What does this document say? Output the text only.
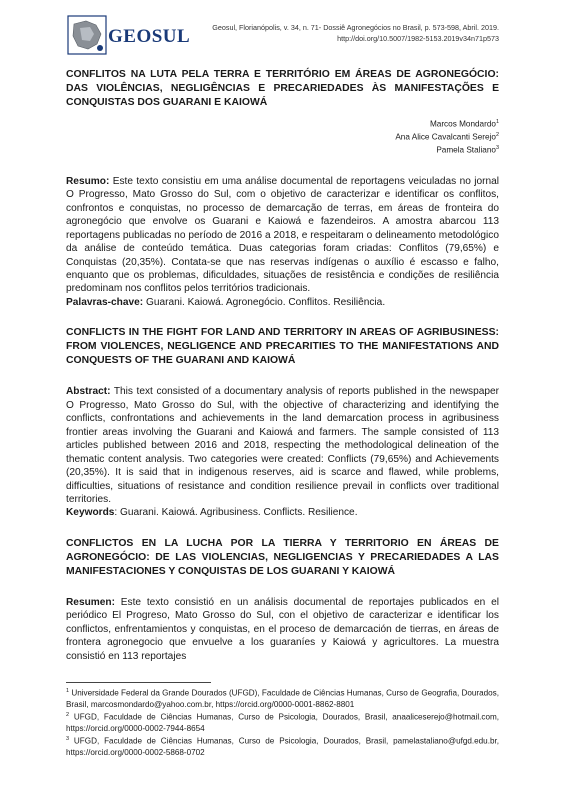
GEOSUL	Geosul, Florianópolis, v. 34, n. 71- Dossiê Agronegócios no Brasil, p. 573-598, Abril. 2019.
http://doi.org/10.5007/1982-5153.2019v34n71p573

CONFLITOS NA LUTA PELA TERRA E TERRITÓRIO EM ÁREAS DE AGRONEGÓCIO: DAS VIOLÊNCIAS, NEGLIGÊNCIAS E PRECARIEDADES ÀS MANIFESTAÇÕES E CONQUISTAS DOS GUARANI E KAIOWÁ

Marcos Mondardo$^1$
Ana Alice Cavalcanti Serejo$^2$
Pamela Staliano$^3$

Resumo: Este texto consistiu em uma análise documental de reportagens veiculadas no jornal O Progresso, Mato Grosso do Sul, com o objetivo de caracterizar e identificar os conflitos, confrontos e conquistas, no processo de demarcação de terras, em áreas de fronteira do agronegócio que envolve os Guarani e Kaiowá e fazendeiros. A amostra abarcou 113 reportagens publicadas no período de 2016 a 2018, e respeitaram o delineamento metodológico da análise de conteúdo temática. Duas categorias foram criadas: Conflitos (79,65%) e Conquistas (20,35%). Contata-se que nas reservas indígenas o auxílio é escasso e falho, enquanto que os problemas, dificuldades, situações de resistência e condições de resiliência predominam nos conflitos pelos territórios tradicionais.

Palavras-chave: Guarani. Kaiowá. Agronegócio. Conflitos. Resiliência.

CONFLICTS IN THE FIGHT FOR LAND AND TERRITORY IN AREAS OF AGRIBUSINESS: FROM VIOLENCES, NEGLIGENCE AND PRECARITIES TO THE MANIFESTATIONS AND CONQUESTS OF THE GUARANI AND KAIOWÁ

Abstract: This text consisted of a documentary analysis of reports published in the newspaper O Progresso, Mato Grosso do Sul, with the objective of characterizing and identifying the conflicts, confrontations and achievements in the land demarcation process in agribusiness frontier areas involving the Guarani and Kaiowá and farmers. The sample consisted of 113 articles published between 2016 and 2018, respecting the methodological delineation of the thematic content analysis. Two categories were created: Conflicts (79,65%) and Achievements (20,35%). It is said that in indigenous reserves, aid is scarce and flawed, while problems, difficulties, situations of resistance and condition resilience prevail in conflicts over traditional territories.

Keywords: Guarani. Kaiowá. Agribusiness. Conflicts. Resilience.

CONFLICTOS EN LA LUCHA POR LA TIERRA Y TERRITORIO EN ÁREAS DE AGRONEGÓCIO: DE LAS VIOLENCIAS, NEGLIGENCIAS Y PRECARIEDADES A LAS MANIFESTACIONES Y CONQUISTAS DE LOS GUARANI Y KAIOWÁ

Resumen: Este texto consistió en un análisis documental de reportajes publicados en el periódico El Progreso, Mato Grosso do Sul, con el objetivo de caracterizar e identificar los conflictos, enfrentamientos y conquistas, en el proceso de demarcación de tierras, en áreas de frontera agronegocio que envuelve a los guaraníes y Kaiowá y agricultores. La muestra consistió en 113 reportajes

$^1$ Universidade Federal da Grande Dourados (UFGD), Faculdade de Ciências Humanas, Curso de Geografia, Dourados, Brasil, marcosmondardo@yahoo.com.br, https://orcid.org/0000-0001-8862-8801

$^2$ UFGD, Faculdade de Ciências Humanas, Curso de Psicologia, Dourados, Brasil, anaaliceserejo@hotmail.com, https://orcid.org/0000-0002-7944-8654

$^3$ UFGD, Faculdade de Ciências Humanas, Curso de Psicologia, Dourados, Brasil, pamelastaliano@ufgd.edu.br, https://orcid.org/0000-0002-5868-0702
